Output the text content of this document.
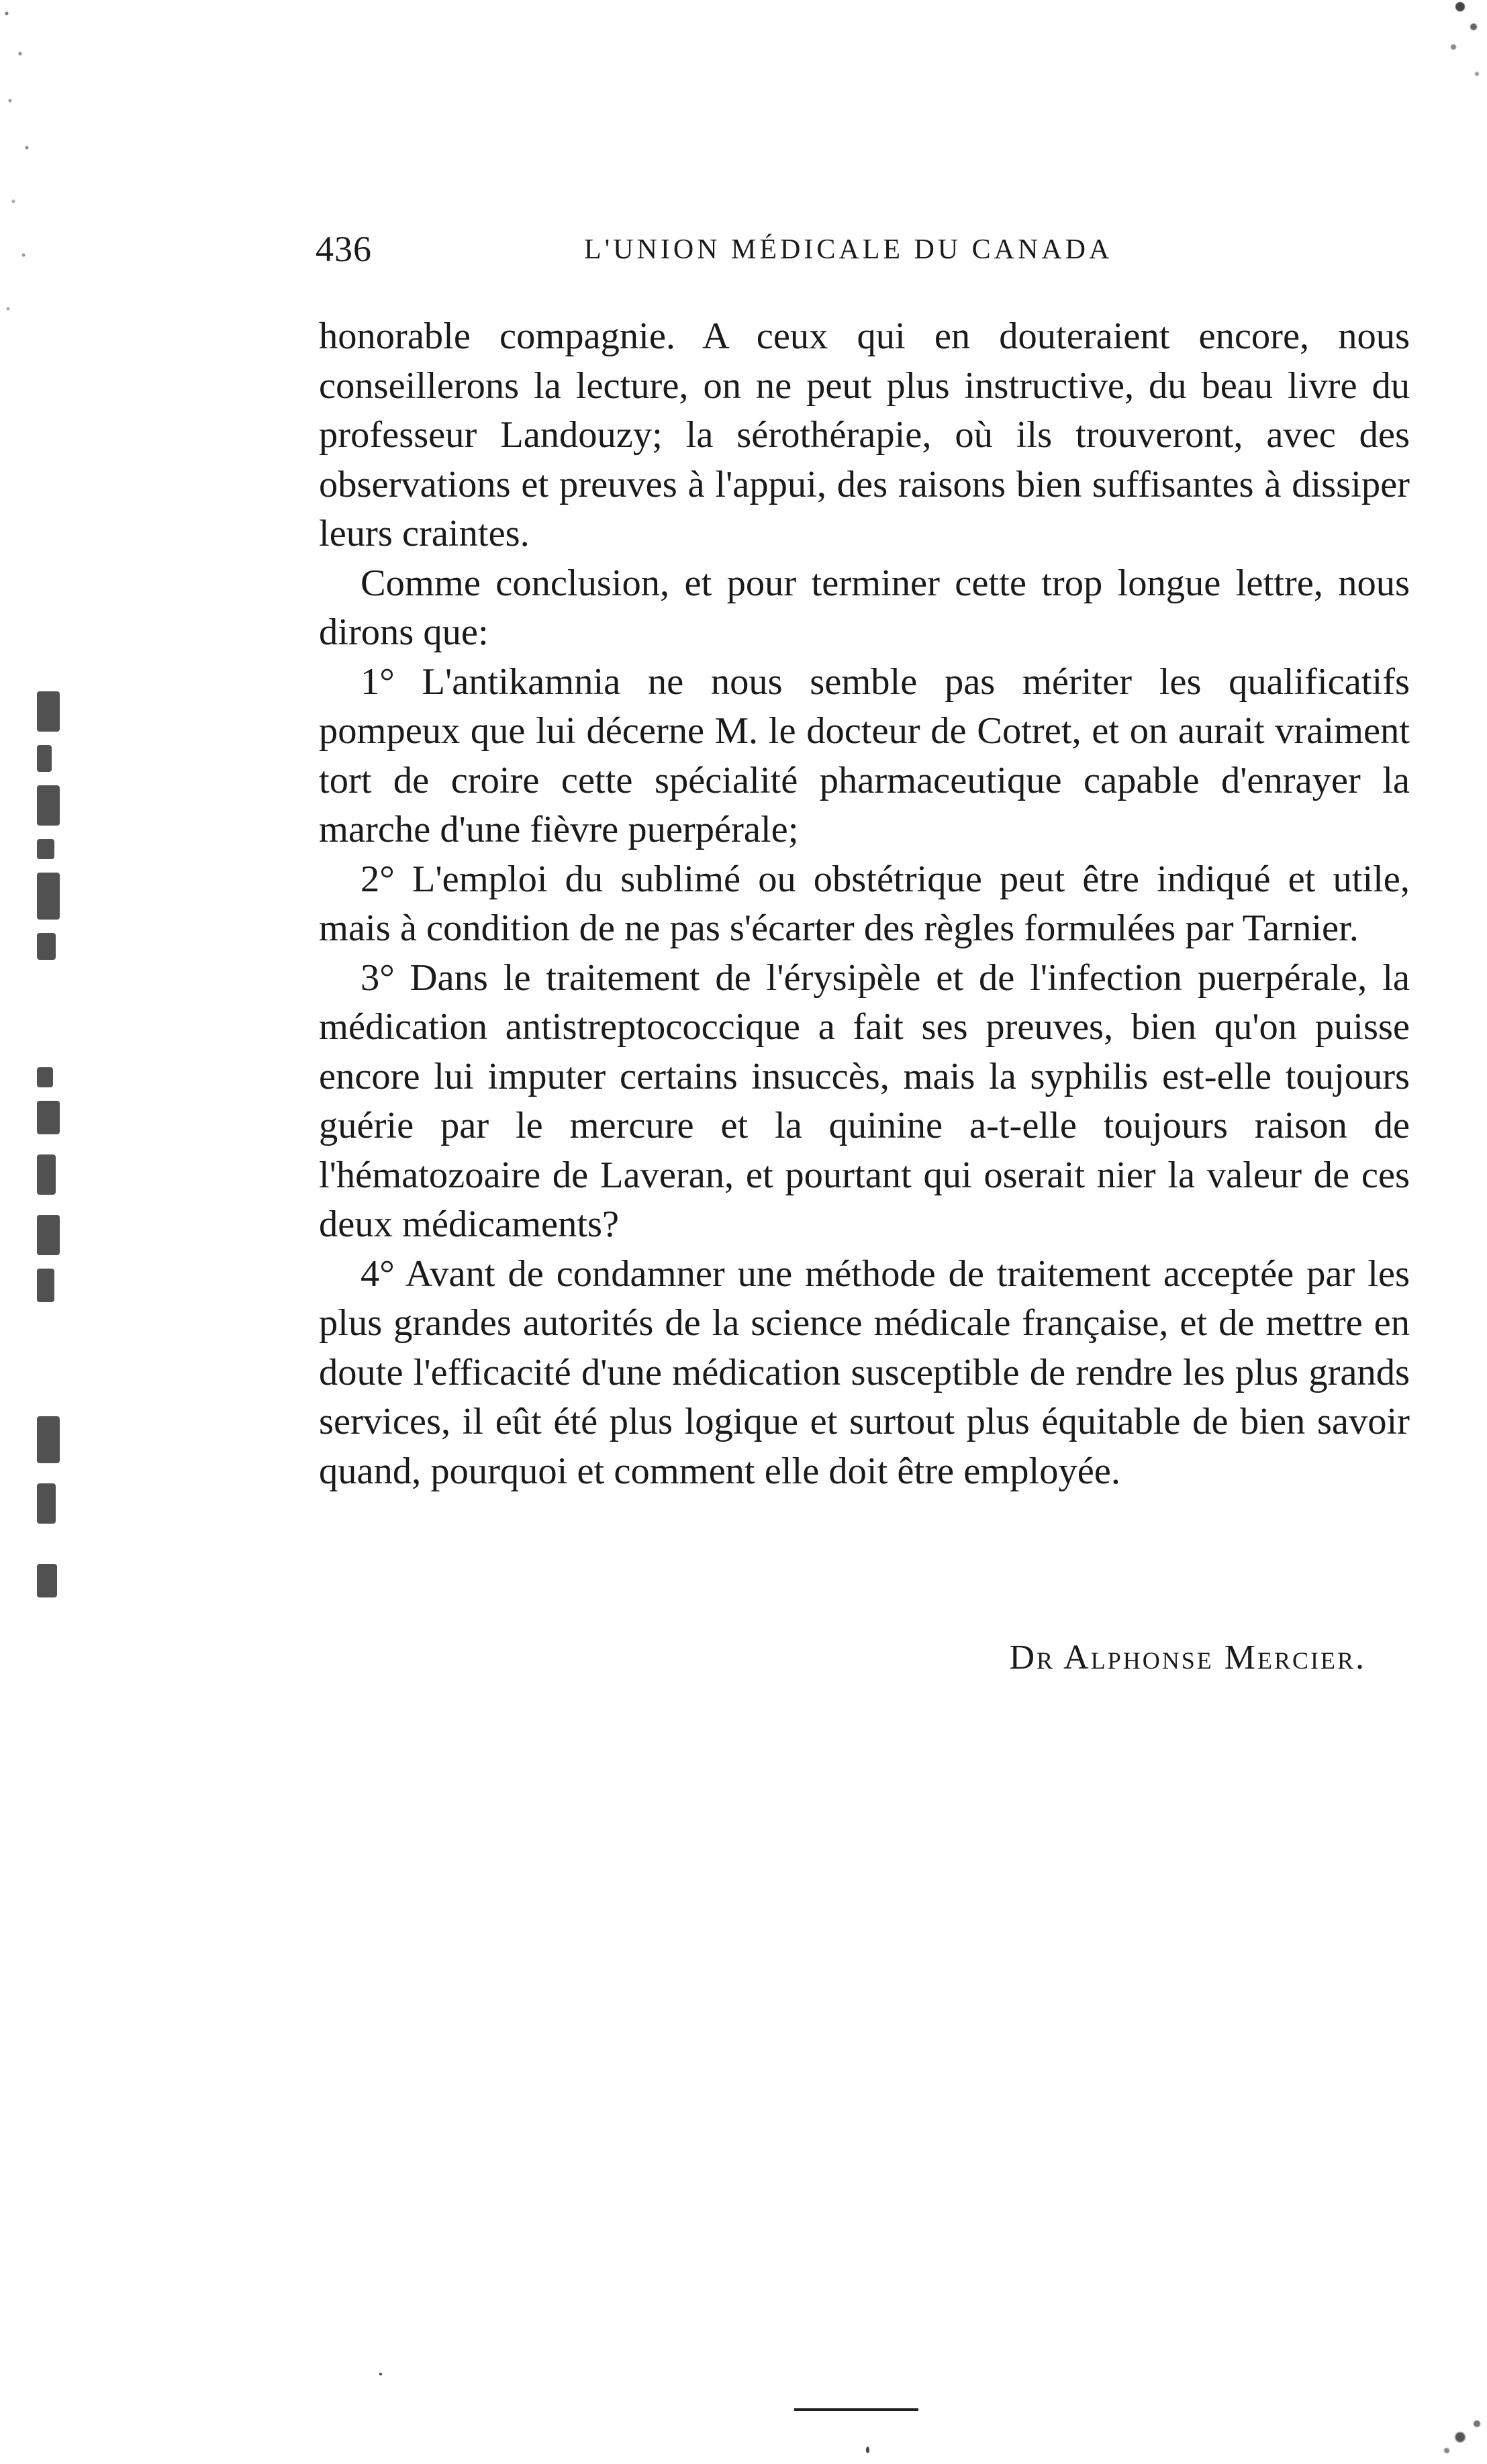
436	L'UNION MÉDICALE DU CANADA

honorable compagnie. A ceux qui en douteraient encore, nous conseillerons la lecture, on ne peut plus instructive, du beau livre du professeur Landouzy; la sérothérapie, où ils trouveront, avec des observations et preuves à l'appui, des raisons bien suffisantes à dissiper leurs craintes.

Comme conclusion, et pour terminer cette trop longue lettre, nous dirons que:

1° L'antikamnia ne nous semble pas mériter les qualificatifs pompeux que lui décerne M. le docteur de Cotret, et on aurait vraiment tort de croire cette spécialité pharmaceutique capable d'enrayer la marche d'une fièvre puerpérale;

2° L'emploi du sublimé ou obstétrique peut être indiqué et utile, mais à condition de ne pas s'écarter des règles formulées par Tarnier.

3° Dans le traitement de l'érysipèle et de l'infection puerpérale, la médication antistreptococcique a fait ses preuves, bien qu'on puisse encore lui imputer certains insuccès, mais la syphilis est-elle toujours guérie par le mercure et la quinine a-t-elle toujours raison de l'hématozoaire de Laveran, et pourtant qui oserait nier la valeur de ces deux médicaments?

4° Avant de condamner une méthode de traitement acceptée par les plus grandes autorités de la science médicale française, et de mettre en doute l'efficacité d'une médication susceptible de rendre les plus grands services, il eût été plus logique et surtout plus équitable de bien savoir quand, pourquoi et comment elle doit être employée.

Dr Alphonse Mercier.
